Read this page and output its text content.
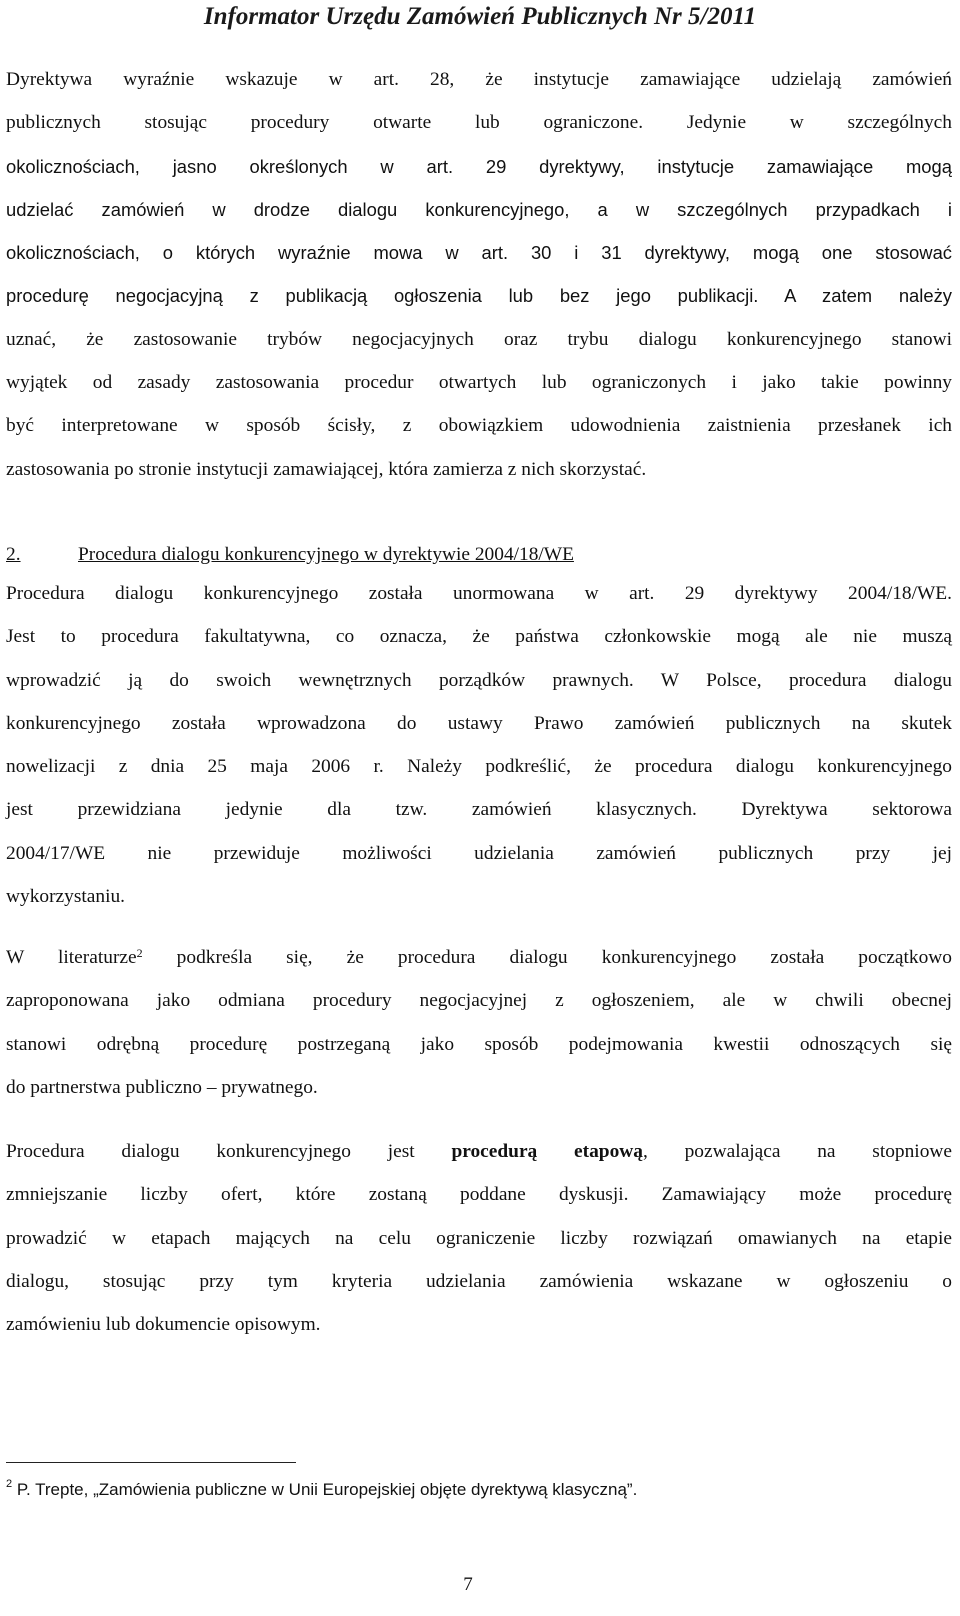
Informator Urzędu Zamówień Publicznych Nr 5/2011
Dyrektywa wyraźnie wskazuje w art. 28, że instytucje zamawiające udzielają zamówień
publicznych stosując procedury otwarte lub ograniczone. Jedynie w szczególnych
okolicznościach, jasno określonych w art. 29 dyrektywy, instytucje zamawiające mogą
udzielać zamówień w drodze dialogu konkurencyjnego, a w szczególnych przypadkach i
okolicznościach, o których wyraźnie mowa w art. 30 i 31 dyrektywy, mogą one stosować
procedurę negocjacyjną z publikacją ogłoszenia lub bez jego publikacji. A zatem należy
uznać, że zastosowanie trybów negocjacyjnych oraz trybu dialogu konkurencyjnego stanowi
wyjątek od zasady zastosowania procedur otwartych lub ograniczonych i jako takie powinny
być interpretowane w sposób ścisły, z obowiązkiem udowodnienia zaistnienia przesłanek ich
zastosowania po stronie instytucji zamawiającej, która zamierza z nich skorzystać.
2.	Procedura dialogu konkurencyjnego w dyrektywie 2004/18/WE
Procedura dialogu konkurencyjnego została unormowana w art. 29 dyrektywy 2004/18/WE.
Jest to procedura fakultatywna, co oznacza, że państwa członkowskie mogą ale nie muszą
wprowadzić ją do swoich wewnętrznych porządków prawnych. W Polsce, procedura dialogu
konkurencyjnego została wprowadzona do ustawy Prawo zamówień publicznych na skutek
nowelizacji z dnia 25 maja 2006 r. Należy podkreślić, że procedura dialogu konkurencyjnego
jest przewidziana jedynie dla tzw. zamówień klasycznych. Dyrektywa sektorowa
2004/17/WE nie przewiduje możliwości udzielania zamówień publicznych przy jej
wykorzystaniu.
W literaturze$^2$ podkreśla się, że procedura dialogu konkurencyjnego została początkowo
zaproponowana jako odmiana procedury negocjacyjnej z ogłoszeniem, ale w chwili obecnej
stanowi odrębną procedurę postrzeganą jako sposób podejmowania kwestii odnoszących się
do partnerstwa publiczno – prywatnego.
Procedura dialogu konkurencyjnego jest procedurą etapową, pozwalająca na stopniowe
zmniejszanie liczby ofert, które zostaną poddane dyskusji. Zamawiający może procedurę
prowadzić w etapach mających na celu ograniczenie liczby rozwiązań omawianych na etapie
dialogu, stosując przy tym kryteria udzielania zamówienia wskazane w ogłoszeniu o
zamówieniu lub dokumencie opisowym.
$^2$ P. Trepte, „Zamówienia publiczne w Unii Europejskiej objęte dyrektywą klasyczną”.
7
